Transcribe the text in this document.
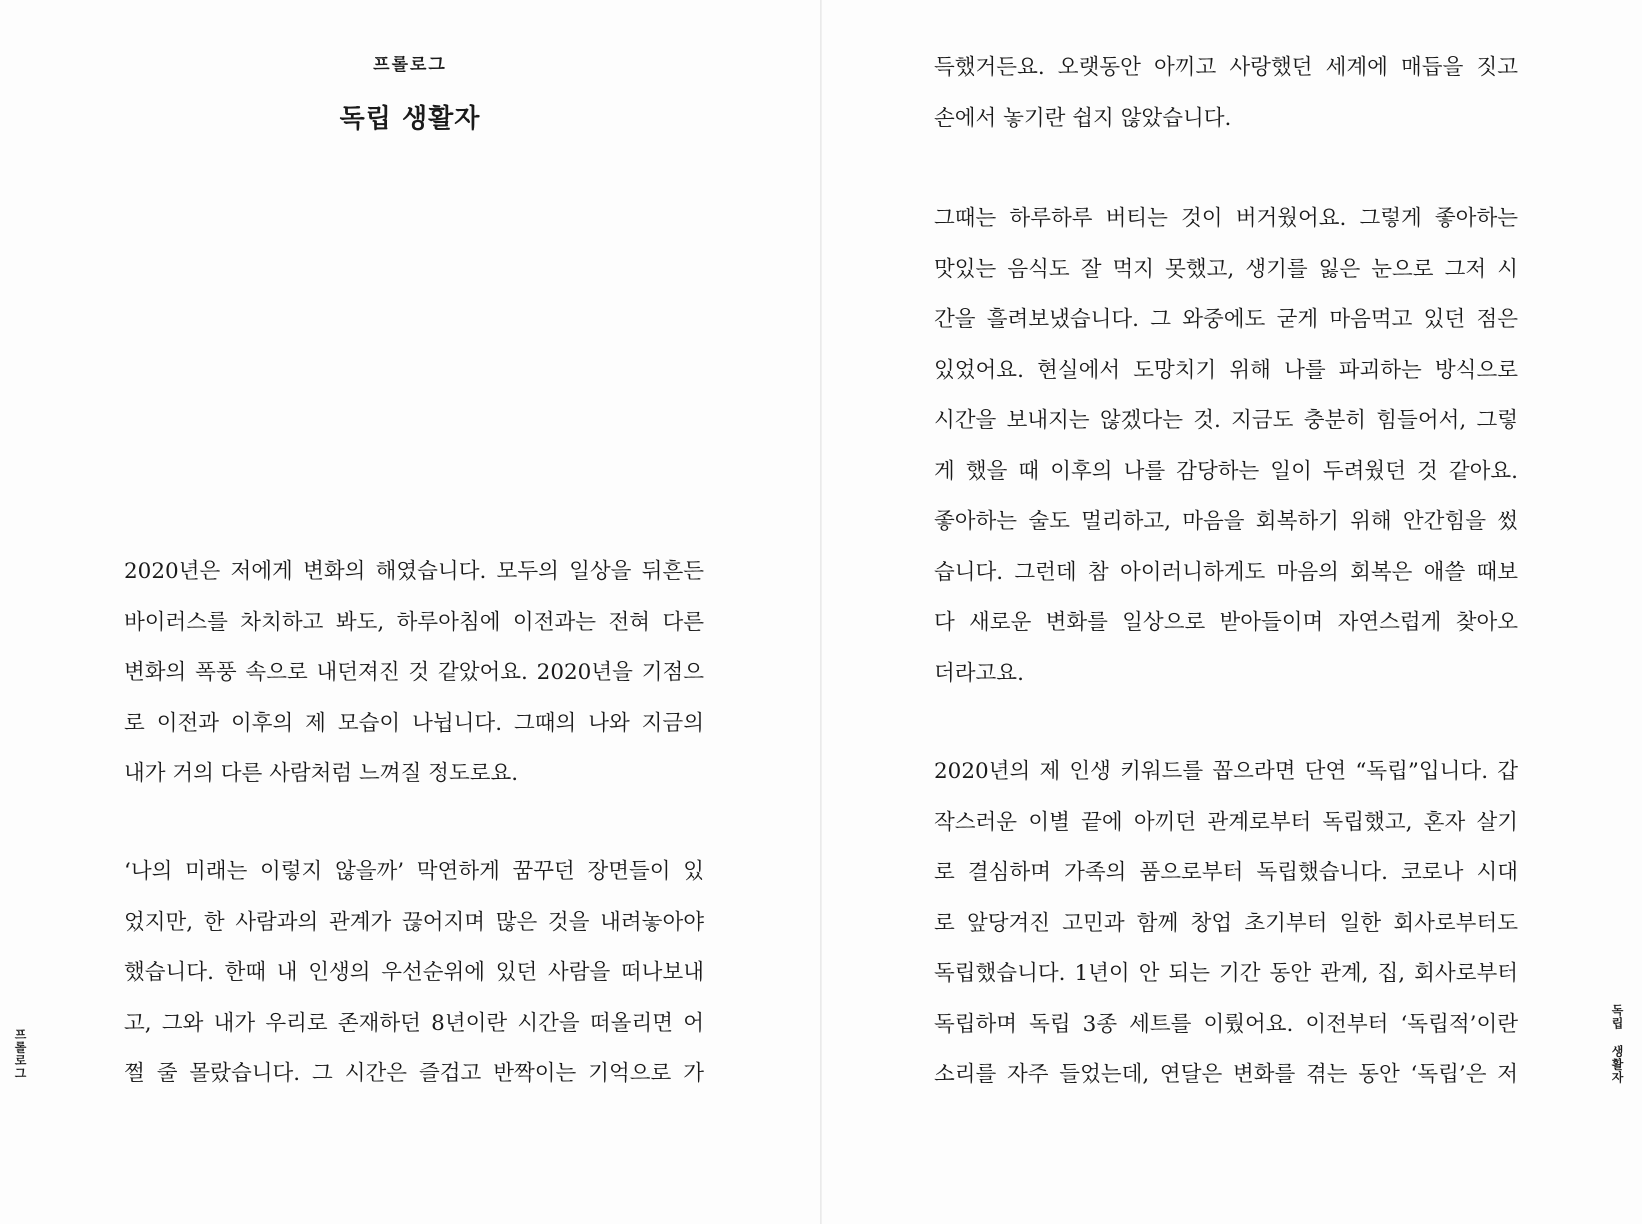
프롤로그
독립 생활자
2020년은 저에게 변화의 해였습니다. 모두의 일상을 뒤흔든
바이러스를 차치하고 봐도, 하루아침에 이전과는 전혀 다른
변화의 폭풍 속으로 내던져진 것 같았어요. 2020년을 기점으
로 이전과 이후의 제 모습이 나뉩니다. 그때의 나와 지금의
내가 거의 다른 사람처럼 느껴질 정도로요.
‘나의 미래는 이렇지 않을까’ 막연하게 꿈꾸던 장면들이 있
었지만, 한 사람과의 관계가 끊어지며 많은 것을 내려놓아야
했습니다. 한때 내 인생의 우선순위에 있던 사람을 떠나보내
고, 그와 내가 우리로 존재하던 8년이란 시간을 떠올리면 어
쩔 줄 몰랐습니다. 그 시간은 즐겁고 반짝이는 기억으로 가
프롤로그
득했거든요. 오랫동안 아끼고 사랑했던 세계에 매듭을 짓고
손에서 놓기란 쉽지 않았습니다.
그때는 하루하루 버티는 것이 버거웠어요. 그렇게 좋아하는
맛있는 음식도 잘 먹지 못했고, 생기를 잃은 눈으로 그저 시
간을 흘려보냈습니다. 그 와중에도 굳게 마음먹고 있던 점은
있었어요. 현실에서 도망치기 위해 나를 파괴하는 방식으로
시간을 보내지는 않겠다는 것. 지금도 충분히 힘들어서, 그렇
게 했을 때 이후의 나를 감당하는 일이 두려웠던 것 같아요.
좋아하는 술도 멀리하고, 마음을 회복하기 위해 안간힘을 썼
습니다. 그런데 참 아이러니하게도 마음의 회복은 애쓸 때보
다 새로운 변화를 일상으로 받아들이며 자연스럽게 찾아오
더라고요.
2020년의 제 인생 키워드를 꼽으라면 단연 “독립”입니다. 갑
작스러운 이별 끝에 아끼던 관계로부터 독립했고, 혼자 살기
로 결심하며 가족의 품으로부터 독립했습니다. 코로나 시대
로 앞당겨진 고민과 함께 창업 초기부터 일한 회사로부터도
독립했습니다. 1년이 안 되는 기간 동안 관계, 집, 회사로부터
독립하며 독립 3종 세트를 이뤘어요. 이전부터 ‘독립적’이란
소리를 자주 들었는데, 연달은 변화를 겪는 동안 ‘독립’은 저	독립 생활자
